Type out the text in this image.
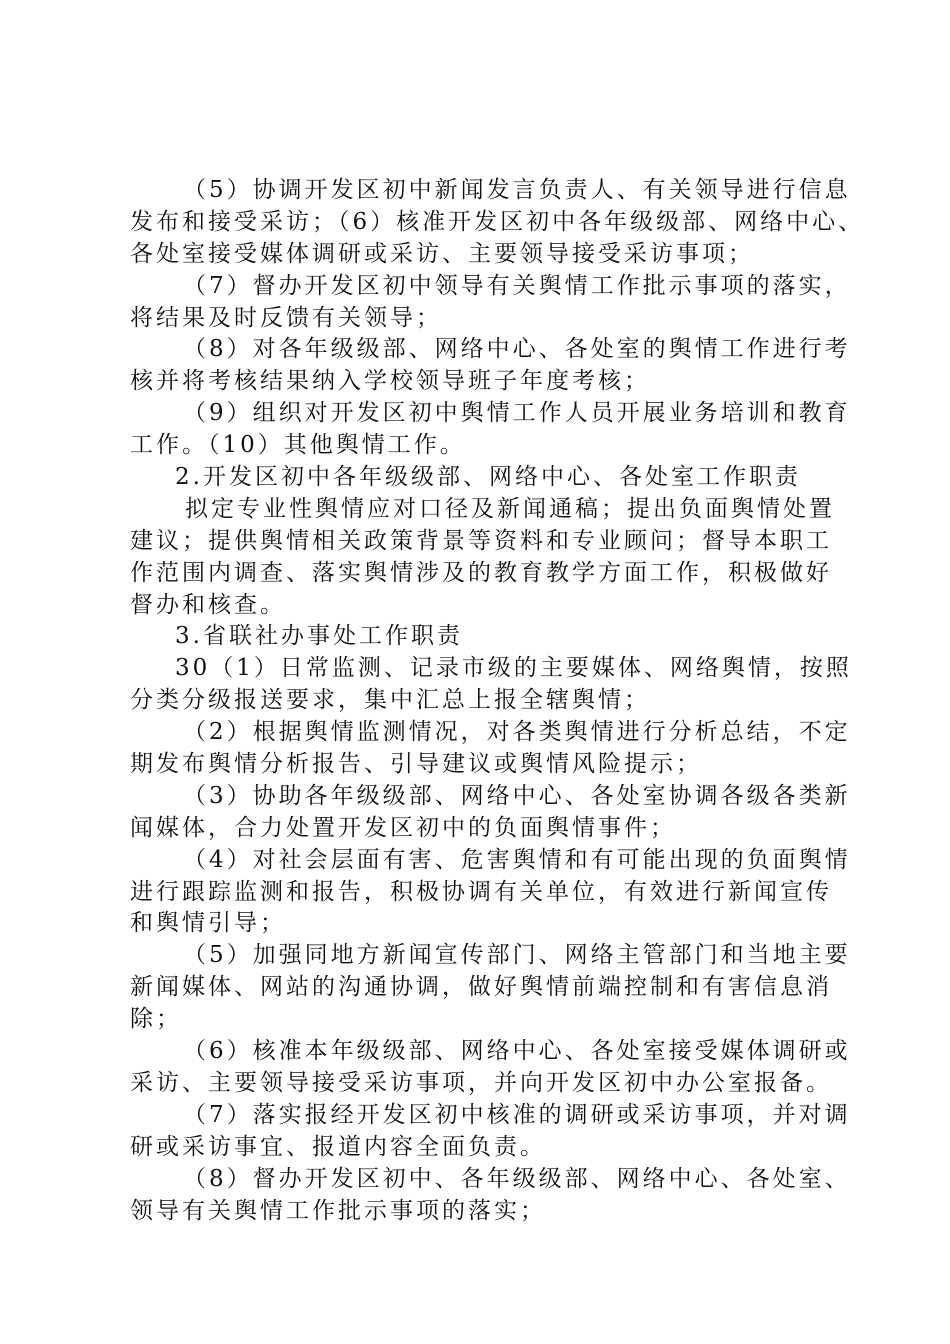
（5）协调开发区初中新闻发言负责人、有关领导进行信息
发布和接受采访；（6）核准开发区初中各年级级部、网络中心、
各处室接受媒体调研或采访、主要领导接受采访事项；
（7）督办开发区初中领导有关舆情工作批示事项的落实，
将结果及时反馈有关领导；
（8）对各年级级部、网络中心、各处室的舆情工作进行考
核并将考核结果纳入学校领导班子年度考核；
（9）组织对开发区初中舆情工作人员开展业务培训和教育
工作。（10）其他舆情工作。
2.开发区初中各年级级部、网络中心、各处室工作职责
拟定专业性舆情应对口径及新闻通稿；提出负面舆情处置
建议；提供舆情相关政策背景等资料和专业顾问；督导本职工
作范围内调查、落实舆情涉及的教育教学方面工作，积极做好
督办和核查。
3.省联社办事处工作职责
30（1）日常监测、记录市级的主要媒体、网络舆情，按照
分类分级报送要求，集中汇总上报全辖舆情；
（2）根据舆情监测情况，对各类舆情进行分析总结，不定
期发布舆情分析报告、引导建议或舆情风险提示；
（3）协助各年级级部、网络中心、各处室协调各级各类新
闻媒体，合力处置开发区初中的负面舆情事件；
（4）对社会层面有害、危害舆情和有可能出现的负面舆情
进行跟踪监测和报告，积极协调有关单位，有效进行新闻宣传
和舆情引导；
（5）加强同地方新闻宣传部门、网络主管部门和当地主要
新闻媒体、网站的沟通协调，做好舆情前端控制和有害信息消
除；
（6）核准本年级级部、网络中心、各处室接受媒体调研或
采访、主要领导接受采访事项，并向开发区初中办公室报备。
（7）落实报经开发区初中核准的调研或采访事项，并对调
研或采访事宜、报道内容全面负责。
（8）督办开发区初中、各年级级部、网络中心、各处室、
领导有关舆情工作批示事项的落实；
